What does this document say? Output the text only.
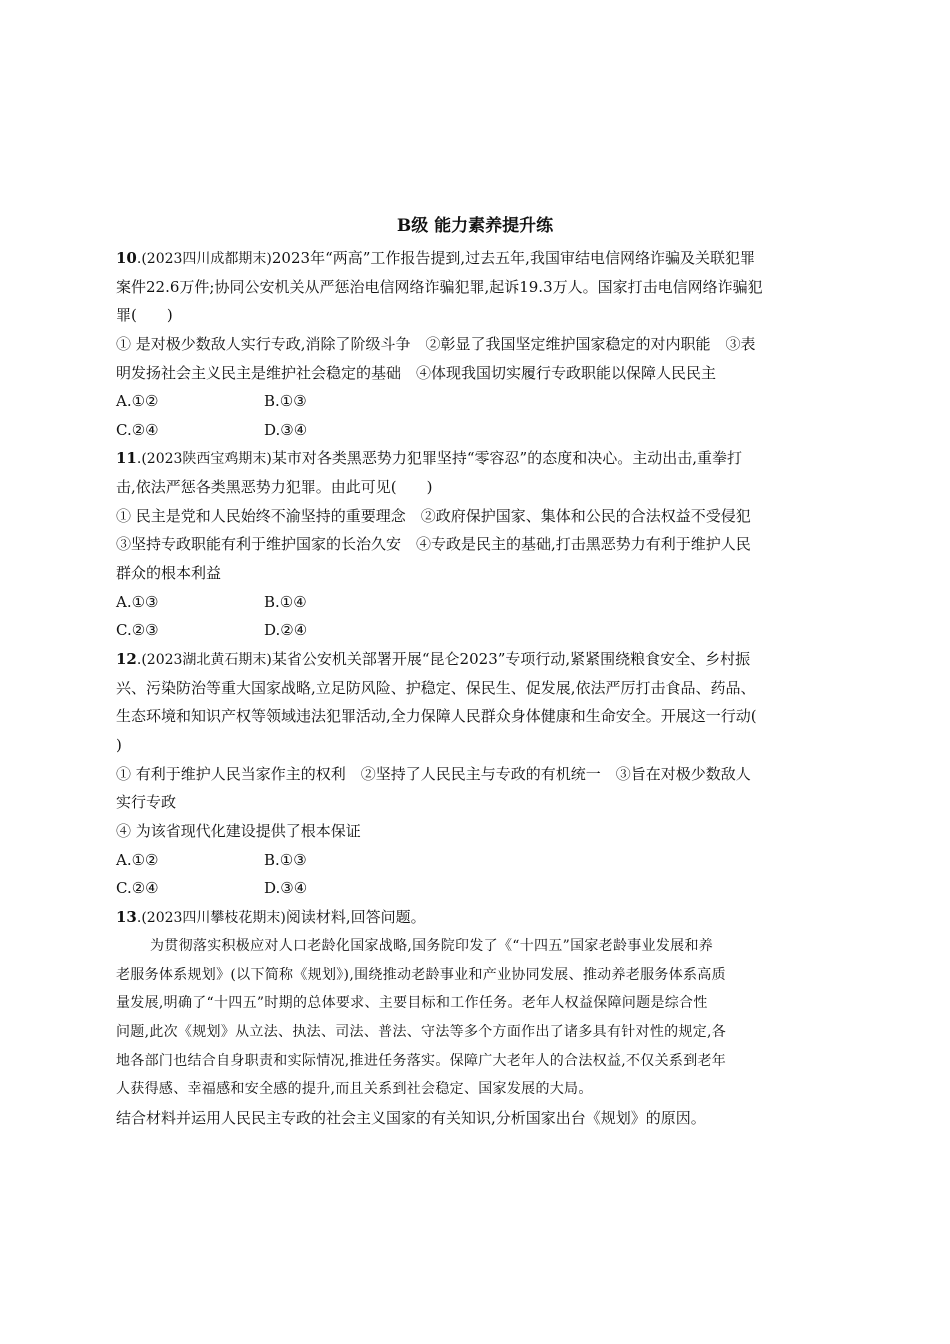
B级 能力素养提升练
10.(2023四川成都期末)2023年“两高”工作报告提到,过去五年,我国审结电信网络诈骗及关联犯罪
案件22.6万件;协同公安机关从严惩治电信网络诈骗犯罪,起诉19.3万人。国家打击电信网络诈骗犯
罪(　　)
① 是对极少数敌人实行专政,消除了阶级斗争　②彰显了我国坚定维护国家稳定的对内职能　③表
明发扬社会主义民主是维护社会稳定的基础　④体现我国切实履行专政职能以保障人民民主
A.①②	B.①③
C.②④	D.③④
11.(2023陕西宝鸡期末)某市对各类黑恶势力犯罪坚持“零容忍”的态度和决心。主动出击,重拳打
击,依法严惩各类黑恶势力犯罪。由此可见(　　)
① 民主是党和人民始终不渝坚持的重要理念　②政府保护国家、集体和公民的合法权益不受侵犯
③坚持专政职能有利于维护国家的长治久安　④专政是民主的基础,打击黑恶势力有利于维护人民
群众的根本利益
A.①③	B.①④
C.②③	D.②④
12.(2023湖北黄石期末)某省公安机关部署开展“昆仑2023”专项行动,紧紧围绕粮食安全、乡村振
兴、污染防治等重大国家战略,立足防风险、护稳定、保民生、促发展,依法严厉打击食品、药品、
生态环境和知识产权等领域违法犯罪活动,全力保障人民群众身体健康和生命安全。开展这一行动(
)
① 有利于维护人民当家作主的权利　②坚持了人民民主与专政的有机统一　③旨在对极少数敌人
实行专政
④ 为该省现代化建设提供了根本保证
A.①②	B.①③
C.②④	D.③④
13.(2023四川攀枝花期末)阅读材料,回答问题。
为贯彻落实积极应对人口老龄化国家战略,国务院印发了《“十四五”国家老龄事业发展和养
老服务体系规划》(以下简称《规划》),围绕推动老龄事业和产业协同发展、推动养老服务体系高质
量发展,明确了“十四五”时期的总体要求、主要目标和工作任务。老年人权益保障问题是综合性
问题,此次《规划》从立法、执法、司法、普法、守法等多个方面作出了诸多具有针对性的规定,各
地各部门也结合自身职责和实际情况,推进任务落实。保障广大老年人的合法权益,不仅关系到老年
人获得感、幸福感和安全感的提升,而且关系到社会稳定、国家发展的大局。
结合材料并运用人民民主专政的社会主义国家的有关知识,分析国家出台《规划》的原因。
